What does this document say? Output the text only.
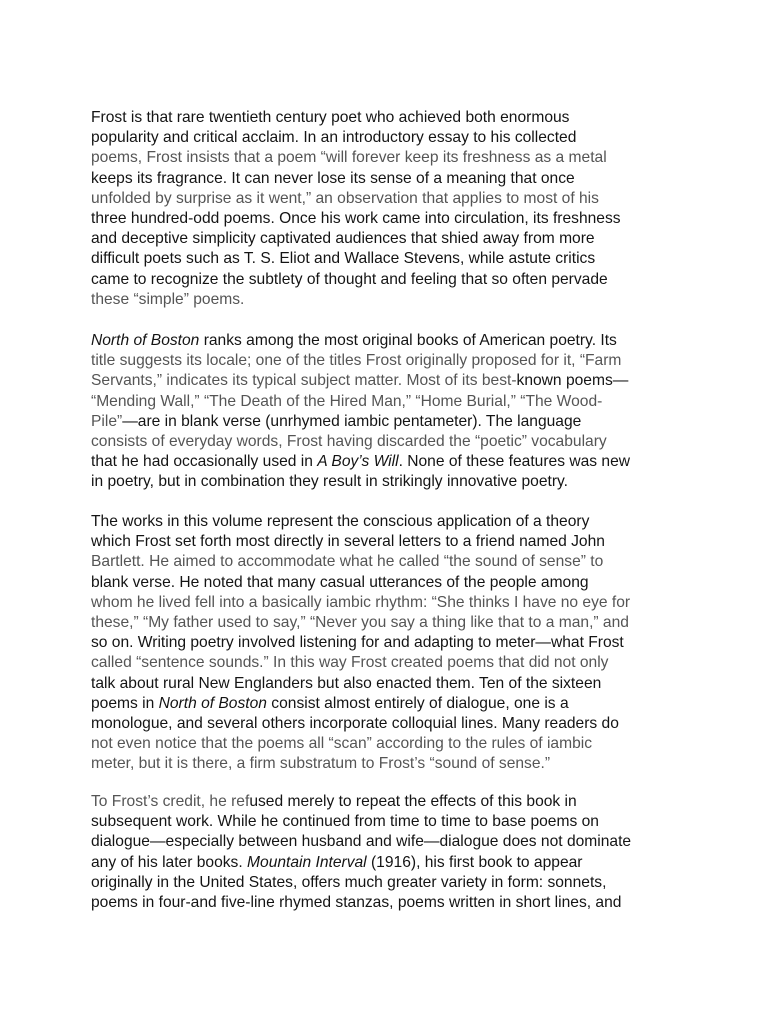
Frost is that rare twentieth century poet who achieved both enormous
popularity and critical acclaim. In an introductory essay to his collected
poems, Frost insists that a poem “will forever keep its freshness as a metal
keeps its fragrance. It can never lose its sense of a meaning that once
unfolded by surprise as it went,” an observation that applies to most of his
three hundred-odd poems. Once his work came into circulation, its freshness
and deceptive simplicity captivated audiences that shied away from more
difficult poets such as T. S. Eliot and Wallace Stevens, while astute critics
came to recognize the subtlety of thought and feeling that so often pervade
these “simple” poems.
North of Boston ranks among the most original books of American poetry. Its
title suggests its locale; one of the titles Frost originally proposed for it, “Farm
Servants,” indicates its typical subject matter. Most of its best-known poems—
“Mending Wall,” “The Death of the Hired Man,” “Home Burial,” “The Wood-
Pile”—are in blank verse (unrhymed iambic pentameter). The language
consists of everyday words, Frost having discarded the “poetic” vocabulary
that he had occasionally used in A Boy’s Will. None of these features was new
in poetry, but in combination they result in strikingly innovative poetry.
The works in this volume represent the conscious application of a theory
which Frost set forth most directly in several letters to a friend named John
Bartlett. He aimed to accommodate what he called “the sound of sense” to
blank verse. He noted that many casual utterances of the people among
whom he lived fell into a basically iambic rhythm: “She thinks I have no eye for
these,” “My father used to say,” “Never you say a thing like that to a man,” and
so on. Writing poetry involved listening for and adapting to meter—what Frost
called “sentence sounds.” In this way Frost created poems that did not only
talk about rural New Englanders but also enacted them. Ten of the sixteen
poems in North of Boston consist almost entirely of dialogue, one is a
monologue, and several others incorporate colloquial lines. Many readers do
not even notice that the poems all “scan” according to the rules of iambic
meter, but it is there, a firm substratum to Frost’s “sound of sense.”
To Frost’s credit, he refused merely to repeat the effects of this book in
subsequent work. While he continued from time to time to base poems on
dialogue—especially between husband and wife—dialogue does not dominate
any of his later books. Mountain Interval (1916), his first book to appear
originally in the United States, offers much greater variety in form: sonnets,
poems in four-and five-line rhymed stanzas, poems written in short lines, and
